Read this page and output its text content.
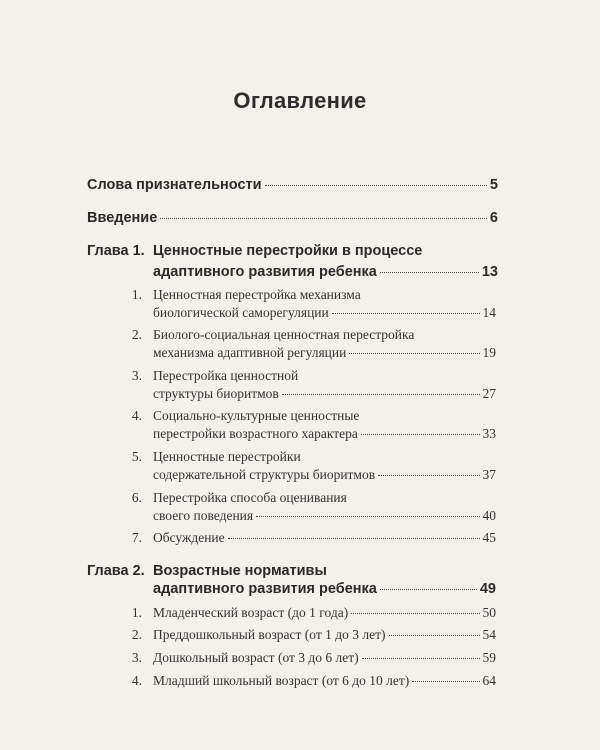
Оглавление
Слова признательности	5
Введение	6
Глава 1. Ценностные перестройки в процессе
адаптивного развития ребенка	13
1. Ценностная перестройка механизма
биологической саморегуляции	14
2. Биолого-социальная ценностная перестройка
механизма адаптивной регуляции	19
3. Перестройка ценностной
структуры биоритмов	27
4. Социально-культурные ценностные
перестройки возрастного характера	33
5. Ценностные перестройки
содержательной структуры биоритмов	37
6. Перестройка способа оценивания
своего поведения	40
7. Обсуждение	45
Глава 2. Возрастные нормативы
адаптивного развития ребенка	49
1. Младенческий возраст (до 1 года)	50
2. Преддошкольный возраст (от 1 до 3 лет)	54
3. Дошкольный возраст (от 3 до 6 лет)	59
4. Младший школьный возраст (от 6 до 10 лет)	64
